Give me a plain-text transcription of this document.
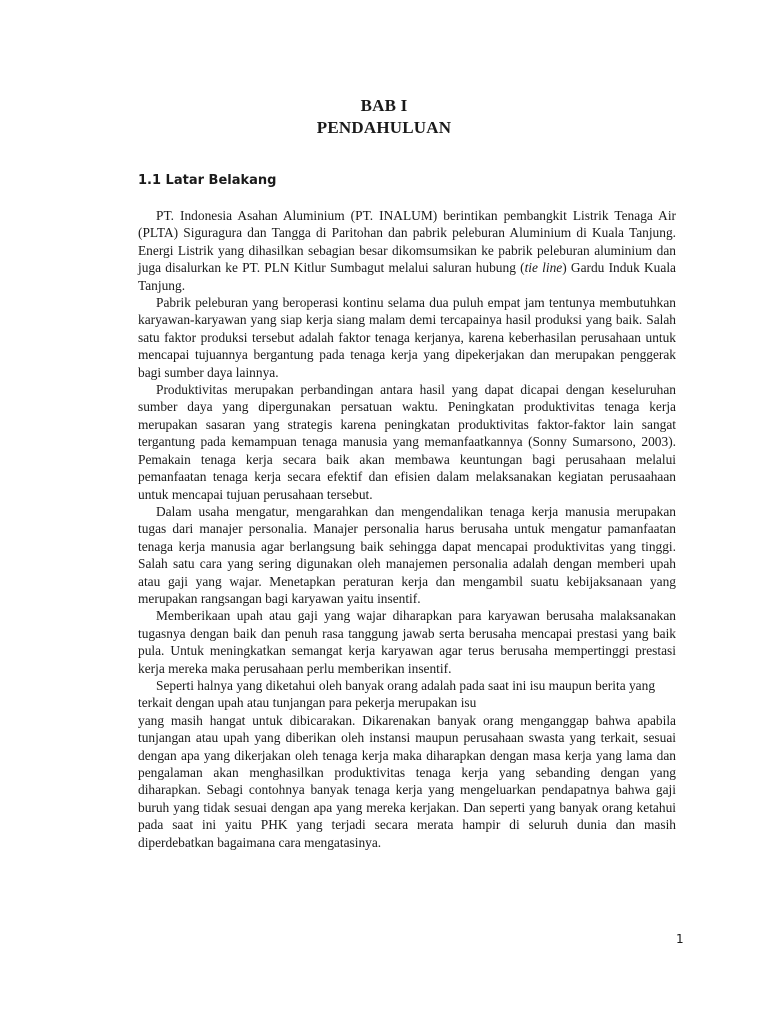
BAB I
PENDAHULUAN
1.1 Latar Belakang

PT. Indonesia Asahan Aluminium (PT. INALUM) berintikan pembangkit Listrik Tenaga Air (PLTA) Siguragura dan Tangga di Paritohan dan pabrik peleburan Aluminium di Kuala Tanjung. Energi Listrik yang dihasilkan sebagian besar dikomsumsikan ke pabrik peleburan aluminium dan juga disalurkan ke PT. PLN Kitlur Sumbagut melalui saluran hubung (tie line) Gardu Induk Kuala Tanjung.

Pabrik peleburan yang beroperasi kontinu selama dua puluh empat jam tentunya membutuhkan karyawan-karyawan yang siap kerja siang malam demi tercapainya hasil produksi yang baik. Salah satu faktor produksi tersebut adalah faktor tenaga kerjanya, karena keberhasilan perusahaan untuk mencapai tujuannya bergantung pada tenaga kerja yang dipekerjakan dan merupakan penggerak bagi sumber daya lainnya.

Produktivitas merupakan perbandingan antara hasil yang dapat dicapai dengan keseluruhan sumber daya yang dipergunakan persatuan waktu. Peningkatan produktivitas tenaga kerja merupakan sasaran yang strategis karena peningkatan produktivitas faktor-faktor lain sangat tergantung pada kemampuan tenaga manusia yang memanfaatkannya (Sonny Sumarsono, 2003). Pemakain tenaga kerja secara baik akan membawa keuntungan bagi perusahaan melalui pemanfaatan tenaga kerja secara efektif dan efisien dalam melaksanakan kegiatan perusaahaan untuk mencapai tujuan perusahaan tersebut.

Dalam usaha mengatur, mengarahkan dan mengendalikan tenaga kerja manusia merupakan tugas dari manajer personalia. Manajer personalia harus berusaha untuk mengatur pamanfaatan tenaga kerja manusia agar berlangsung baik sehingga dapat mencapai produktivitas yang tinggi. Salah satu cara yang sering digunakan oleh manajemen personalia adalah dengan memberi upah atau gaji yang wajar. Menetapkan peraturan kerja dan mengambil suatu kebijaksanaan yang merupakan rangsangan bagi karyawan yaitu insentif.

Memberikaan upah atau gaji yang wajar diharapkan para karyawan berusaha malaksanakan tugasnya dengan baik dan penuh rasa tanggung jawab serta berusaha mencapai prestasi yang baik pula. Untuk meningkatkan semangat kerja karyawan agar terus berusaha mempertinggi prestasi kerja mereka maka perusahaan perlu memberikan insentif.

Seperti halnya yang diketahui oleh banyak orang adalah pada saat ini isu maupun berita yang terkait dengan upah atau tunjangan para pekerja merupakan isu

yang masih hangat untuk dibicarakan. Dikarenakan banyak orang menganggap bahwa apabila tunjangan atau upah yang diberikan oleh instansi maupun perusahaan swasta yang terkait, sesuai dengan apa yang dikerjakan oleh tenaga kerja maka diharapkan dengan masa kerja yang lama dan pengalaman akan menghasilkan produktivitas tenaga kerja yang sebanding dengan yang diharapkan. Sebagi contohnya banyak tenaga kerja yang mengeluarkan pendapatnya bahwa gaji buruh yang tidak sesuai dengan apa yang mereka kerjakan. Dan seperti yang banyak orang ketahui pada saat ini yaitu PHK yang terjadi secara merata hampir di seluruh dunia dan masih diperdebatkan bagaimana cara mengatasinya.

1
